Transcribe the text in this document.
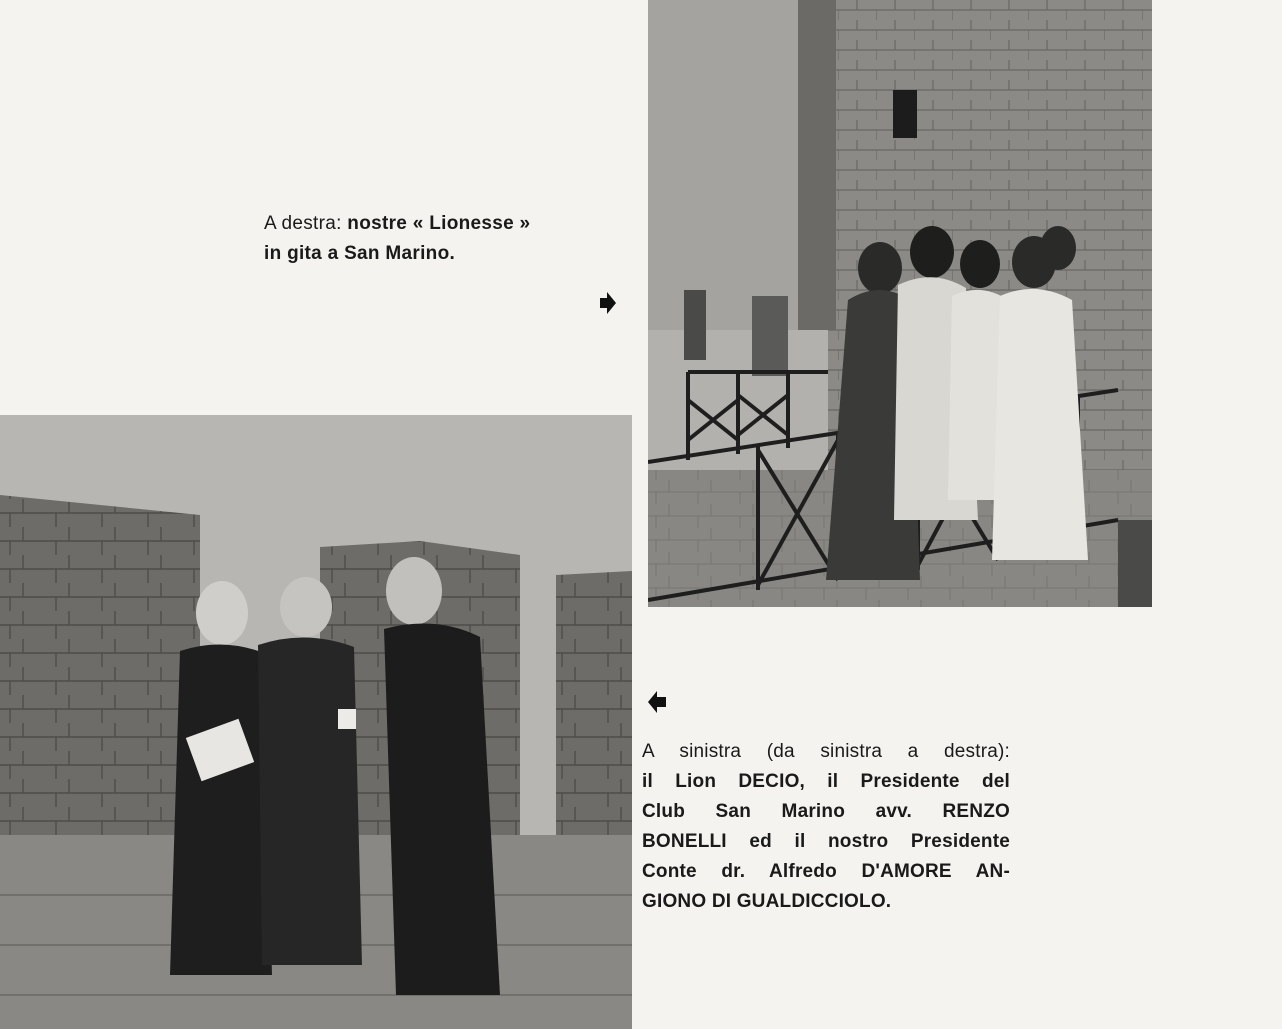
A destra: nostre « Lionesse »
in gita a San Marino.
A sinistra (da sinistra a destra):
il Lion DECIO, il Presidente del
Club San Marino avv. RENZO
BONELLI ed il nostro Presidente
Conte dr. Alfredo D'AMORE AN-
GIONO DI GUALDICCIOLO.
